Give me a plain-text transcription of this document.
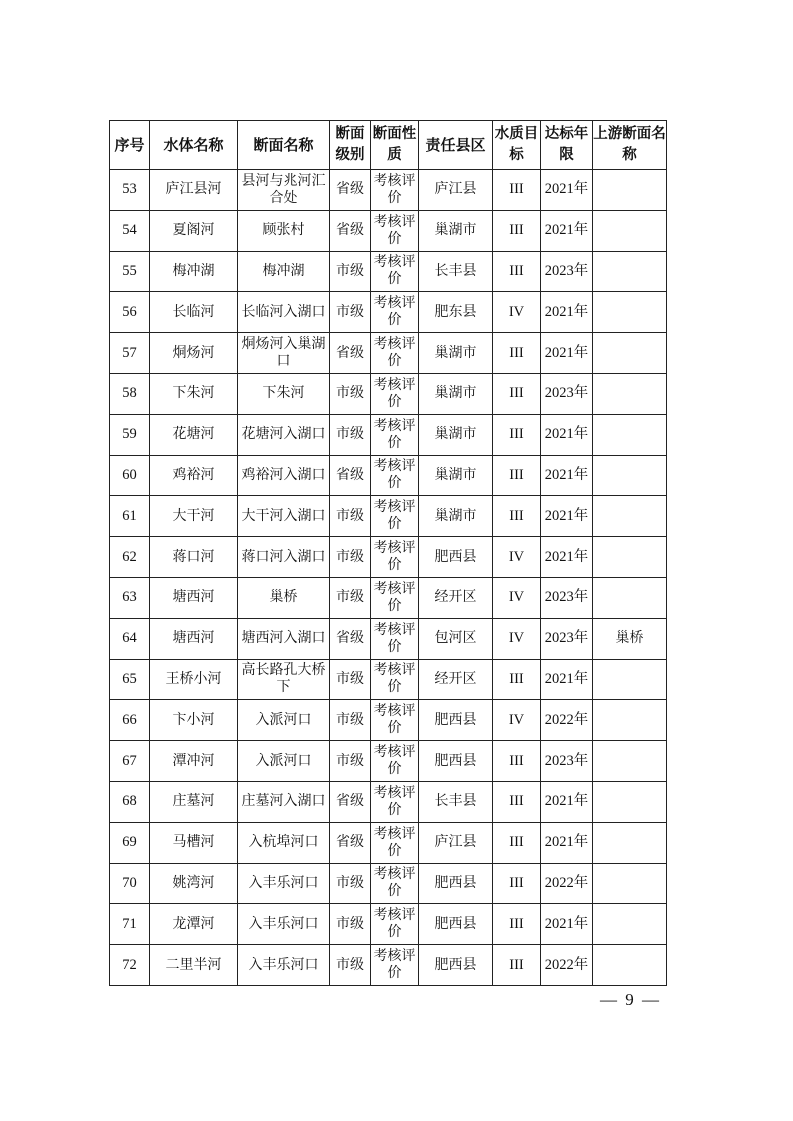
序号	水体名称	断面名称	断面级别	断面性质	责任县区	水质目标	达标年限	上游断面名称
53	庐江县河	县河与兆河汇合处	省级	考核评价	庐江县	III	2021年	
54	夏阁河	顾张村	省级	考核评价	巢湖市	III	2021年	
55	梅冲湖	梅冲湖	市级	考核评价	长丰县	III	2023年	
56	长临河	长临河入湖口	市级	考核评价	肥东县	IV	2021年	
57	烔炀河	烔炀河入巢湖口	省级	考核评价	巢湖市	III	2021年	
58	下朱河	下朱河	市级	考核评价	巢湖市	III	2023年	
59	花塘河	花塘河入湖口	市级	考核评价	巢湖市	III	2021年	
60	鸡裕河	鸡裕河入湖口	省级	考核评价	巢湖市	III	2021年	
61	大干河	大干河入湖口	市级	考核评价	巢湖市	III	2021年	
62	蒋口河	蒋口河入湖口	市级	考核评价	肥西县	IV	2021年	
63	塘西河	巢桥	市级	考核评价	经开区	IV	2023年	
64	塘西河	塘西河入湖口	省级	考核评价	包河区	IV	2023年	巢桥
65	王桥小河	高长路孔大桥下	市级	考核评价	经开区	III	2021年	
66	卞小河	入派河口	市级	考核评价	肥西县	IV	2022年	
67	潭冲河	入派河口	市级	考核评价	肥西县	III	2023年	
68	庄墓河	庄墓河入湖口	省级	考核评价	长丰县	III	2021年	
69	马槽河	入杭埠河口	省级	考核评价	庐江县	III	2021年	
70	姚湾河	入丰乐河口	市级	考核评价	肥西县	III	2022年	
71	龙潭河	入丰乐河口	市级	考核评价	肥西县	III	2021年	
72	二里半河	入丰乐河口	市级	考核评价	肥西县	III	2022年	
— 9 —
